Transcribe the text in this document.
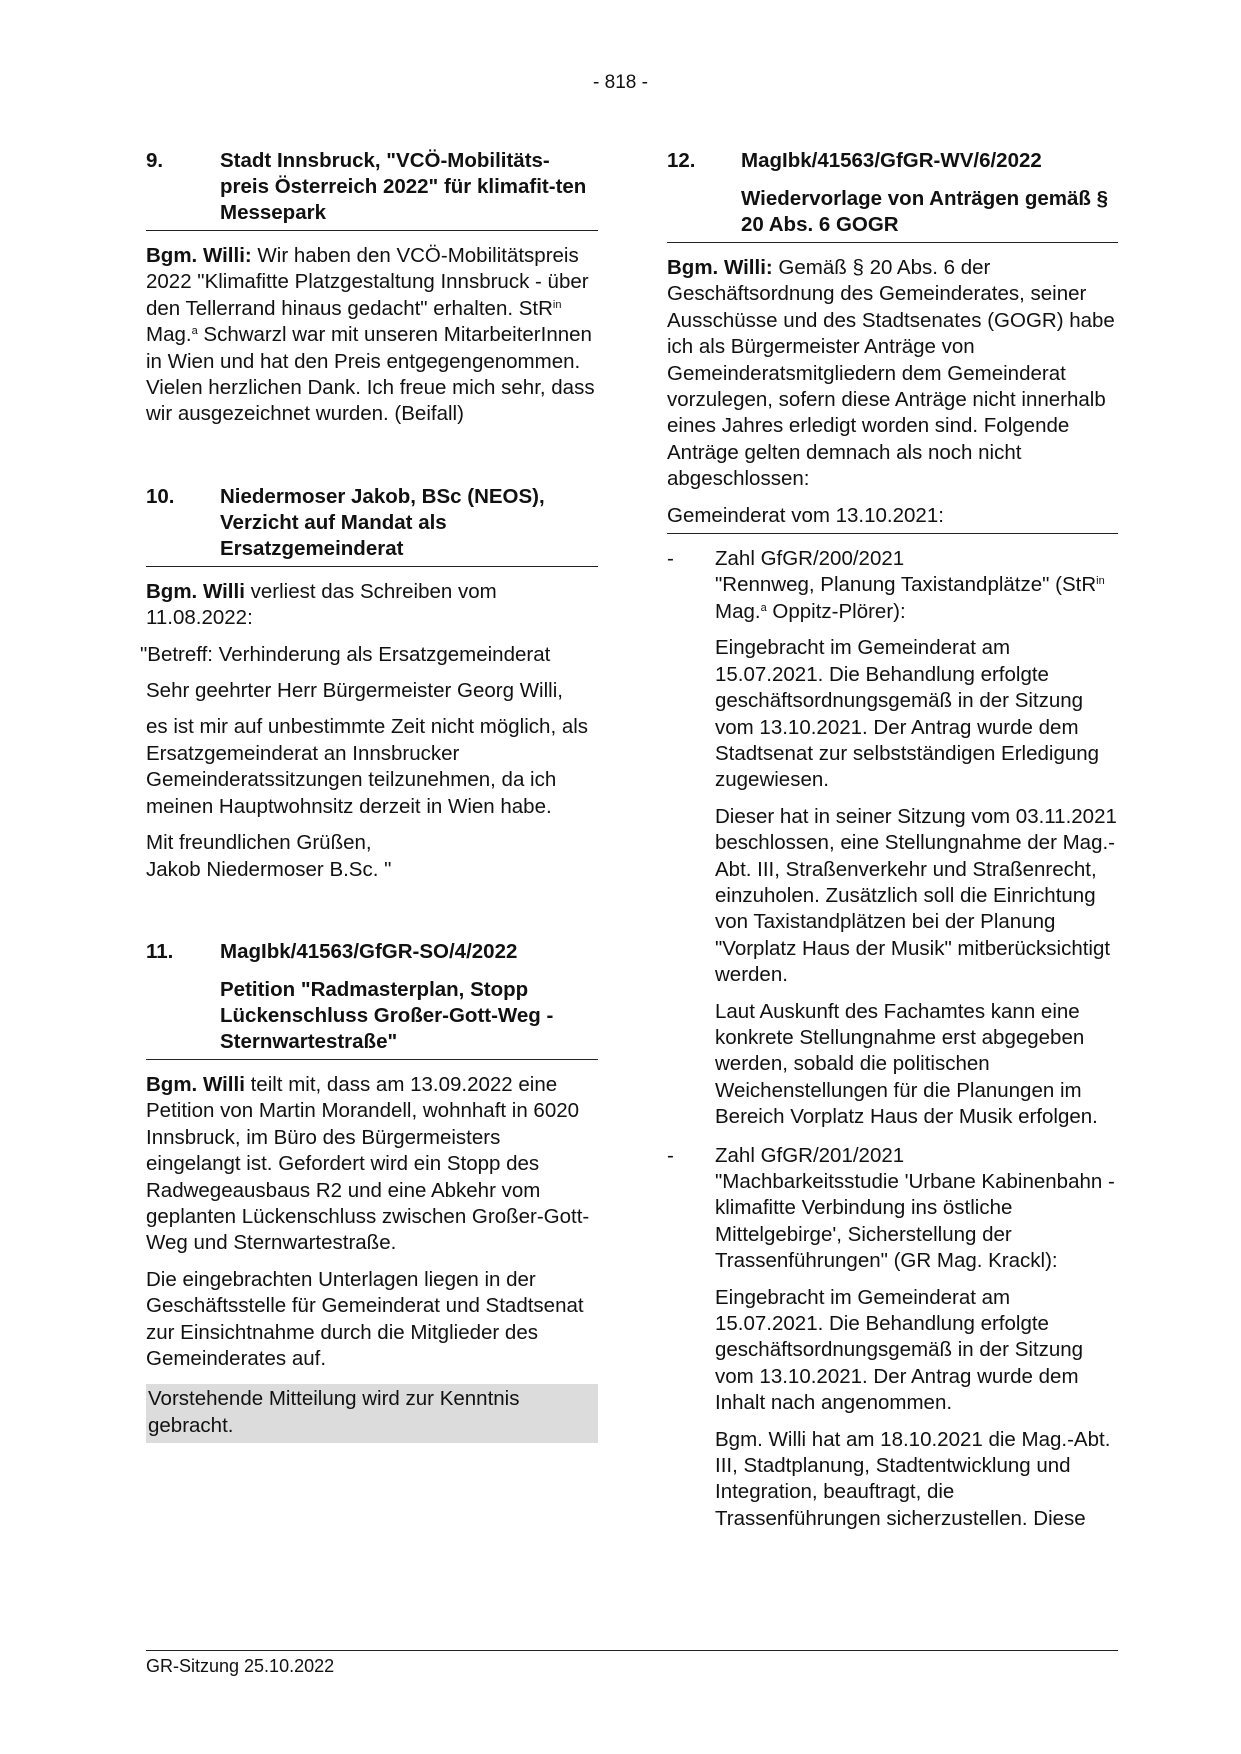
- 818 -
9.	Stadt Innsbruck, "VCÖ-Mobilitäts-preis Österreich 2022" für klimafit-ten Messepark

Bgm. Willi: Wir haben den VCÖ-Mobilitätspreis 2022 "Klimafitte Platzgestaltung Innsbruck - über den Tellerrand hinaus gedacht" erhalten. StR$^{in}$ Mag.$^a$ Schwarzl war mit unseren MitarbeiterInnen in Wien und hat den Preis entgegengenommen. Vielen herzlichen Dank. Ich freue mich sehr, dass wir ausgezeichnet wurden. (Beifall)

10.	Niedermoser Jakob, BSc (NEOS), Verzicht auf Mandat als Ersatzgemeinderat

Bgm. Willi verliest das Schreiben vom 11.08.2022:

"Betreff: Verhinderung als Ersatzgemeinderat

Sehr geehrter Herr Bürgermeister Georg Willi,

es ist mir auf unbestimmte Zeit nicht möglich, als Ersatzgemeinderat an Innsbrucker Gemeinderatssitzungen teilzunehmen, da ich meinen Hauptwohnsitz derzeit in Wien habe.

Mit freundlichen Grüßen,
Jakob Niedermoser B.Sc. "

11.	MagIbk/41563/GfGR-SO/4/2022
Petition "Radmasterplan, Stopp Lückenschluss Großer-Gott-Weg - Sternwartestraße"

Bgm. Willi teilt mit, dass am 13.09.2022 eine Petition von Martin Morandell, wohnhaft in 6020 Innsbruck, im Büro des Bürgermeisters eingelangt ist. Gefordert wird ein Stopp des Radwegeausbaus R2 und eine Abkehr vom geplanten Lückenschluss zwischen Großer-Gott-Weg und Sternwartestraße.

Die eingebrachten Unterlagen liegen in der Geschäftsstelle für Gemeinderat und Stadtsenat zur Einsichtnahme durch die Mitglieder des Gemeinderates auf.

Vorstehende Mitteilung wird zur Kenntnis gebracht.

12.	MagIbk/41563/GfGR-WV/6/2022
Wiedervorlage von Anträgen gemäß § 20 Abs. 6 GOGR

Bgm. Willi: Gemäß § 20 Abs. 6 der Geschäftsordnung des Gemeinderates, seiner Ausschüsse und des Stadtsenates (GOGR) habe ich als Bürgermeister Anträge von Gemeinderatsmitgliedern dem Gemeinderat vorzulegen, sofern diese Anträge nicht innerhalb eines Jahres erledigt worden sind. Folgende Anträge gelten demnach als noch nicht abgeschlossen:

Gemeinderat vom 13.10.2021:

-	Zahl GfGR/200/2021
"Rennweg, Planung Taxistandplätze" (StR$^{in}$ Mag.$^a$ Oppitz-Plörer):

Eingebracht im Gemeinderat am 15.07.2021. Die Behandlung erfolgte geschäftsordnungsgemäß in der Sitzung vom 13.10.2021. Der Antrag wurde dem Stadtsenat zur selbstständigen Erledigung zugewiesen.

Dieser hat in seiner Sitzung vom 03.11.2021 beschlossen, eine Stellungnahme der Mag.-Abt. III, Straßenverkehr und Straßenrecht, einzuholen. Zusätzlich soll die Einrichtung von Taxistandplätzen bei der Planung "Vorplatz Haus der Musik" mitberücksichtigt werden.

Laut Auskunft des Fachamtes kann eine konkrete Stellungnahme erst abgegeben werden, sobald die politischen Weichenstellungen für die Planungen im Bereich Vorplatz Haus der Musik erfolgen.

-	Zahl GfGR/201/2021
"Machbarkeitsstudie 'Urbane Kabinenbahn - klimafitte Verbindung ins östliche Mittelgebirge', Sicherstellung der Trassenführungen" (GR Mag. Krackl):

Eingebracht im Gemeinderat am 15.07.2021. Die Behandlung erfolgte geschäftsordnungsgemäß in der Sitzung vom 13.10.2021. Der Antrag wurde dem Inhalt nach angenommen.

Bgm. Willi hat am 18.10.2021 die Mag.-Abt. III, Stadtplanung, Stadtentwicklung und Integration, beauftragt, die Trassenführungen sicherzustellen. Diese

GR-Sitzung 25.10.2022
